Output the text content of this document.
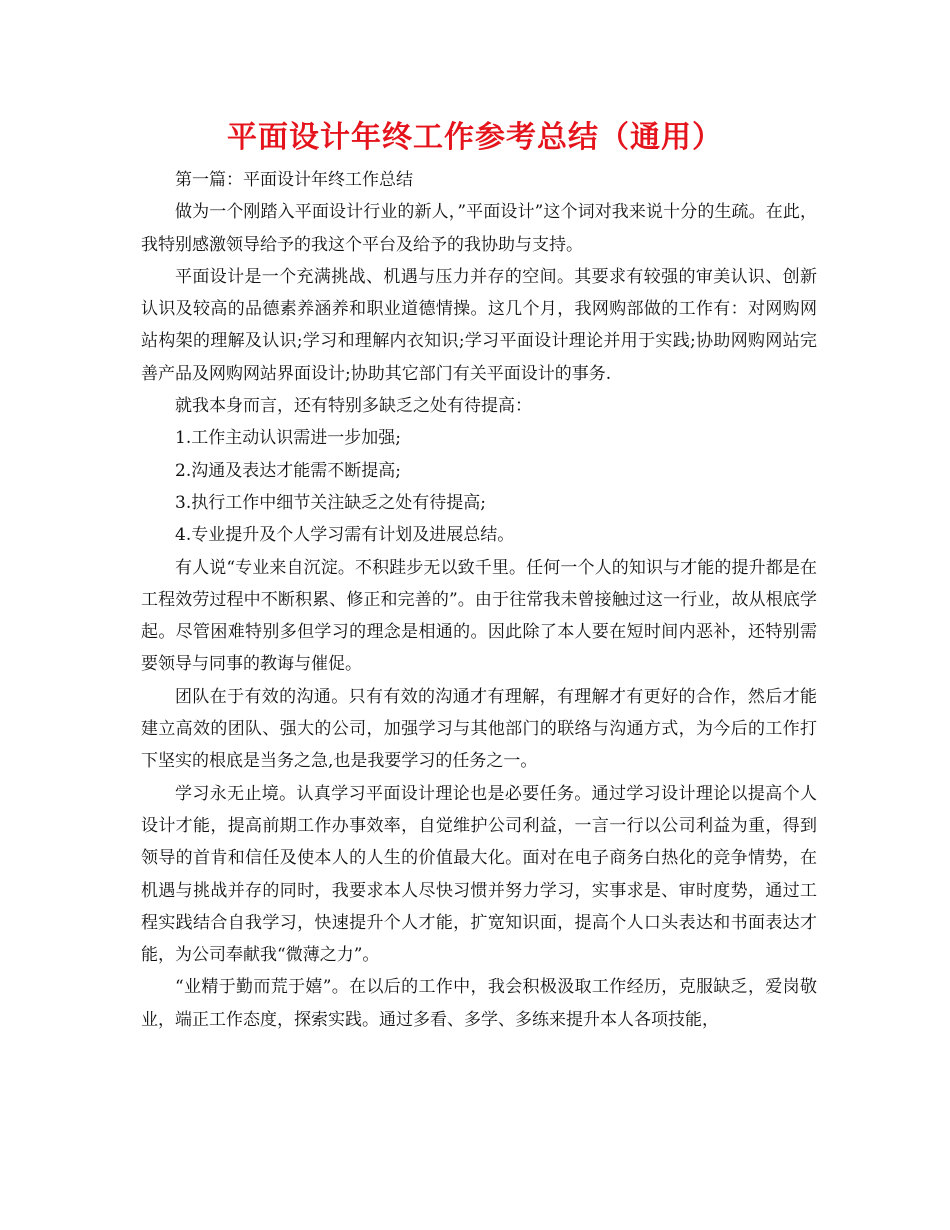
平面设计年终工作参考总结（通用）

第一篇：平面设计年终工作总结

做为一个刚踏入平面设计行业的新人，”平面设计”这个词对我来说十分的生疏。在此，我特别感激领导给予的我这个平台及给予的我协助与支持。

平面设计是一个充满挑战、机遇与压力并存的空间。其要求有较强的审美认识、创新认识及较高的品德素养涵养和职业道德情操。这几个月，我网购部做的工作有：对网购网站构架的理解及认识;学习和理解内衣知识;学习平面设计理论并用于实践;协助网购网站完善产品及网购网站界面设计;协助其它部门有关平面设计的事务.

就我本身而言，还有特别多缺乏之处有待提高：

1.工作主动认识需进一步加强;

2.沟通及表达才能需不断提高;

3.执行工作中细节关注缺乏之处有待提高;

4.专业提升及个人学习需有计划及进展总结。

有人说“专业来自沉淀。不积跬步无以致千里。任何一个人的知识与才能的提升都是在工程效劳过程中不断积累、修正和完善的”。由于往常我未曾接触过这一行业，故从根底学起。尽管困难特别多但学习的理念是相通的。因此除了本人要在短时间内恶补，还特别需要领导与同事的教诲与催促。

团队在于有效的沟通。只有有效的沟通才有理解，有理解才有更好的合作，然后才能建立高效的团队、强大的公司，加强学习与其他部门的联络与沟通方式，为今后的工作打下坚实的根底是当务之急,也是我要学习的任务之一。

学习永无止境。认真学习平面设计理论也是必要任务。通过学习设计理论以提高个人设计才能，提高前期工作办事效率，自觉维护公司利益，一言一行以公司利益为重，得到领导的首肯和信任及使本人的人生的价值最大化。面对在电子商务白热化的竞争情势，在机遇与挑战并存的同时，我要求本人尽快习惯并努力学习，实事求是、审时度势，通过工程实践结合自我学习，快速提升个人才能，扩宽知识面，提高个人口头表达和书面表达才能，为公司奉献我“微薄之力”。

“业精于勤而荒于嬉”。在以后的工作中，我会积极汲取工作经历，克服缺乏，爱岗敬业，端正工作态度，探索实践。通过多看、多学、多练来提升本人各项技能，
